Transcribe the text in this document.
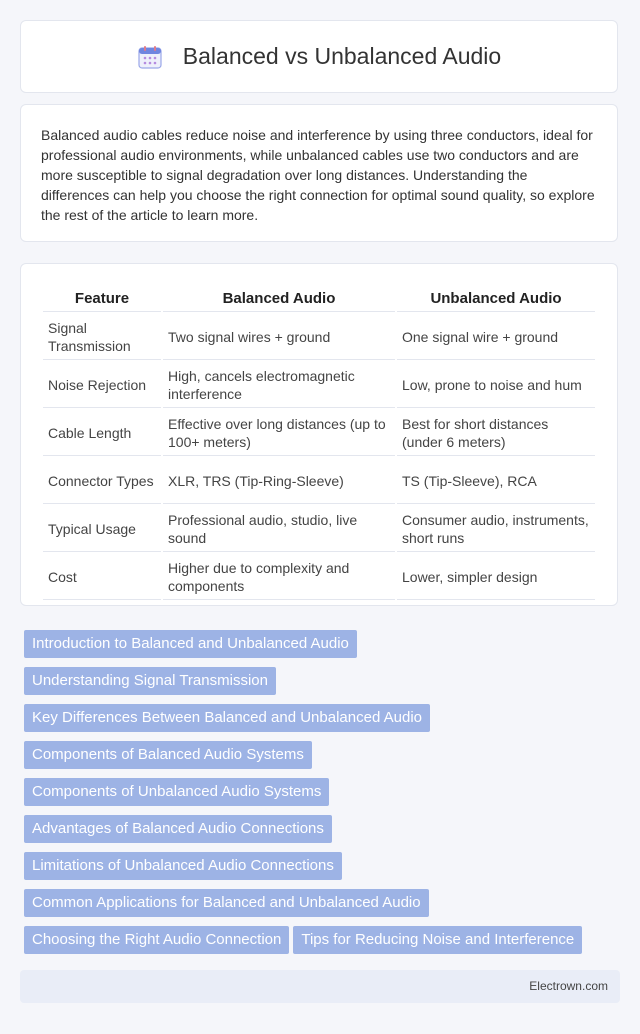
Balanced vs Unbalanced Audio

Balanced audio cables reduce noise and interference by using three conductors, ideal for professional audio environments, while unbalanced cables use two conductors and are more susceptible to signal degradation over long distances. Understanding the differences can help you choose the right connection for optimal sound quality, so explore the rest of the article to learn more.

Feature	Balanced Audio	Unbalanced Audio
Signal Transmission	Two signal wires + ground	One signal wire + ground
Noise Rejection	High, cancels electromagnetic interference	Low, prone to noise and hum
Cable Length	Effective over long distances (up to 100+ meters)	Best for short distances (under 6 meters)
Connector Types	XLR, TRS (Tip-Ring-Sleeve)	TS (Tip-Sleeve), RCA
Typical Usage	Professional audio, studio, live sound	Consumer audio, instruments, short runs
Cost	Higher due to complexity and components	Lower, simpler design
Introduction to Balanced and Unbalanced Audio
Understanding Signal Transmission
Key Differences Between Balanced and Unbalanced Audio
Components of Balanced Audio Systems
Components of Unbalanced Audio Systems
Advantages of Balanced Audio Connections
Limitations of Unbalanced Audio Connections
Common Applications for Balanced and Unbalanced Audio
Choosing the Right Audio Connection Tips for Reducing Noise and Interference
Electrown.com
